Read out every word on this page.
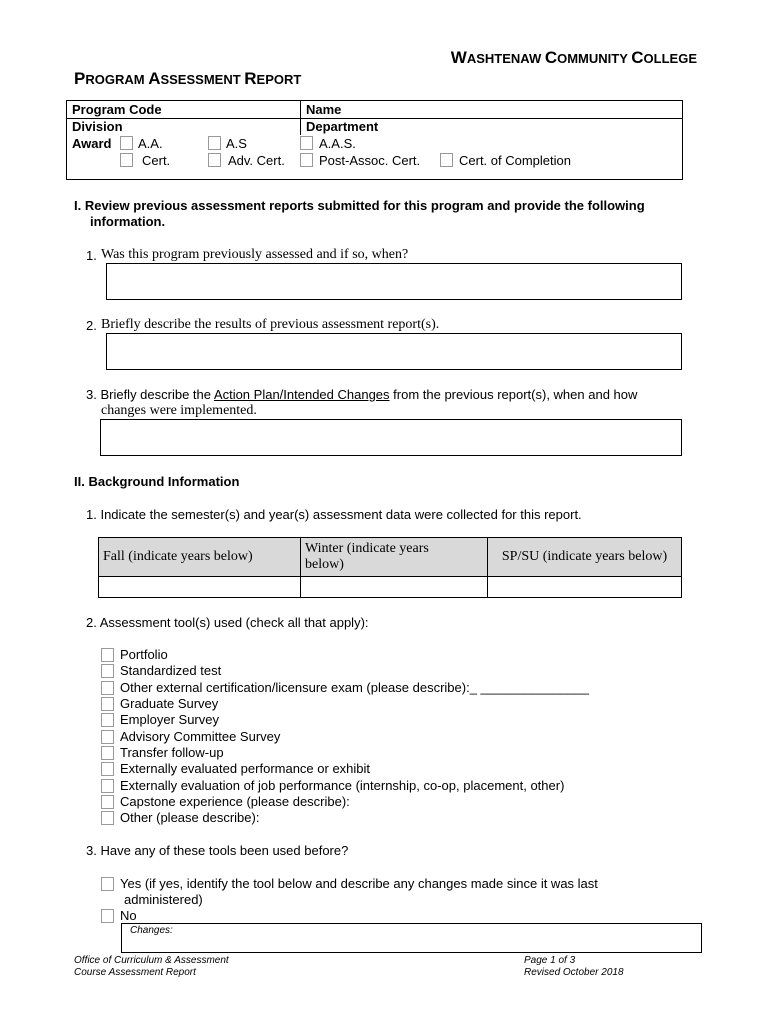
WASHTENAW COMMUNITY COLLEGE
PROGRAM ASSESSMENT REPORT
Program Code	Name
Division	Department
Award A.A.	A.S	A.A.S.
Cert.	Adv. Cert.	Post-Assoc. Cert.	Cert. of Completion
I. Review previous assessment reports submitted for this program and provide the following
information.
1. Was this program previously assessed and if so, when?
2. Briefly describe the results of previous assessment report(s).
3. Briefly describe the Action Plan/Intended Changes from the previous report(s), when and how
changes were implemented.
II. Background Information
1. Indicate the semester(s) and year(s) assessment data were collected for this report.
Fall (indicate years below)	Winter (indicate years
below)	SP/SU (indicate years below)

2. Assessment tool(s) used (check all that apply):
Portfolio
Standardized test
Other external certification/licensure exam (please describe):_ _______________
Graduate Survey
Employer Survey
Advisory Committee Survey
Transfer follow-up
Externally evaluated performance or exhibit
Externally evaluation of job performance (internship, co-op, placement, other)
Capstone experience (please describe):
Other (please describe):
3. Have any of these tools been used before?
Yes (if yes, identify the tool below and describe any changes made since it was last
administered)
No
Changes:
Office of Curriculum & Assessment
Course Assessment Report
Page 1 of 3
Revised October 2018
